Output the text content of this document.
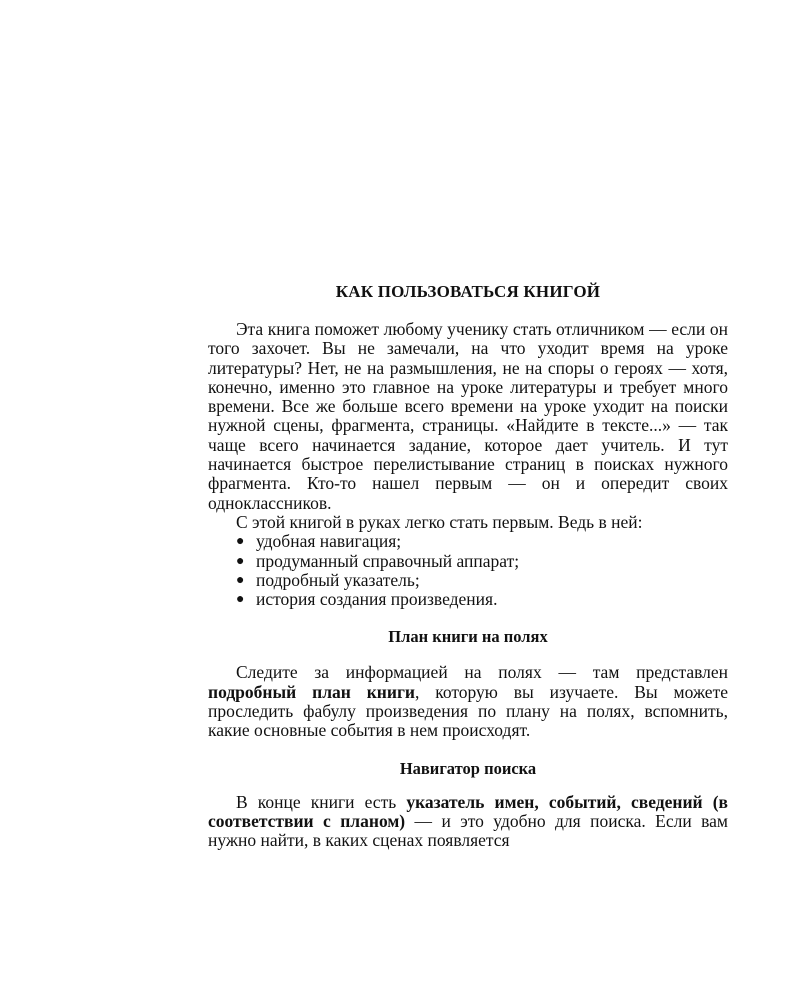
КАК ПОЛЬЗОВАТЬСЯ КНИГОЙ

Эта книга поможет любому ученику стать отличником — если он того захочет. Вы не замечали, на что уходит время на уроке литературы? Нет, не на размышления, не на споры о героях — хотя, конечно, именно это главное на уроке литературы и требует много времени. Все же больше всего времени на уроке уходит на поиски нужной сцены, фрагмента, страницы. «Найдите в тексте...» — так чаще всего начинается задание, которое дает учитель. И тут начинается быстрое перелистывание страниц в поисках нужного фрагмента. Кто-то нашел первым — он и опередит своих одноклассников.

С этой книгой в руках легко стать первым. Ведь в ней:

● удобная навигация;
● продуманный справочный аппарат;
● подробный указатель;
● история создания произведения.
План книги на полях

Следите за информацией на полях — там представлен подробный план книги, которую вы изучаете. Вы можете проследить фабулу произведения по плану на полях, вспомнить, какие основные события в нем происходят.

Навигатор поиска

В конце книги есть указатель имен, событий, сведений (в соответствии с планом) — и это удобно для поиска. Если вам нужно найти, в каких сценах появляется
